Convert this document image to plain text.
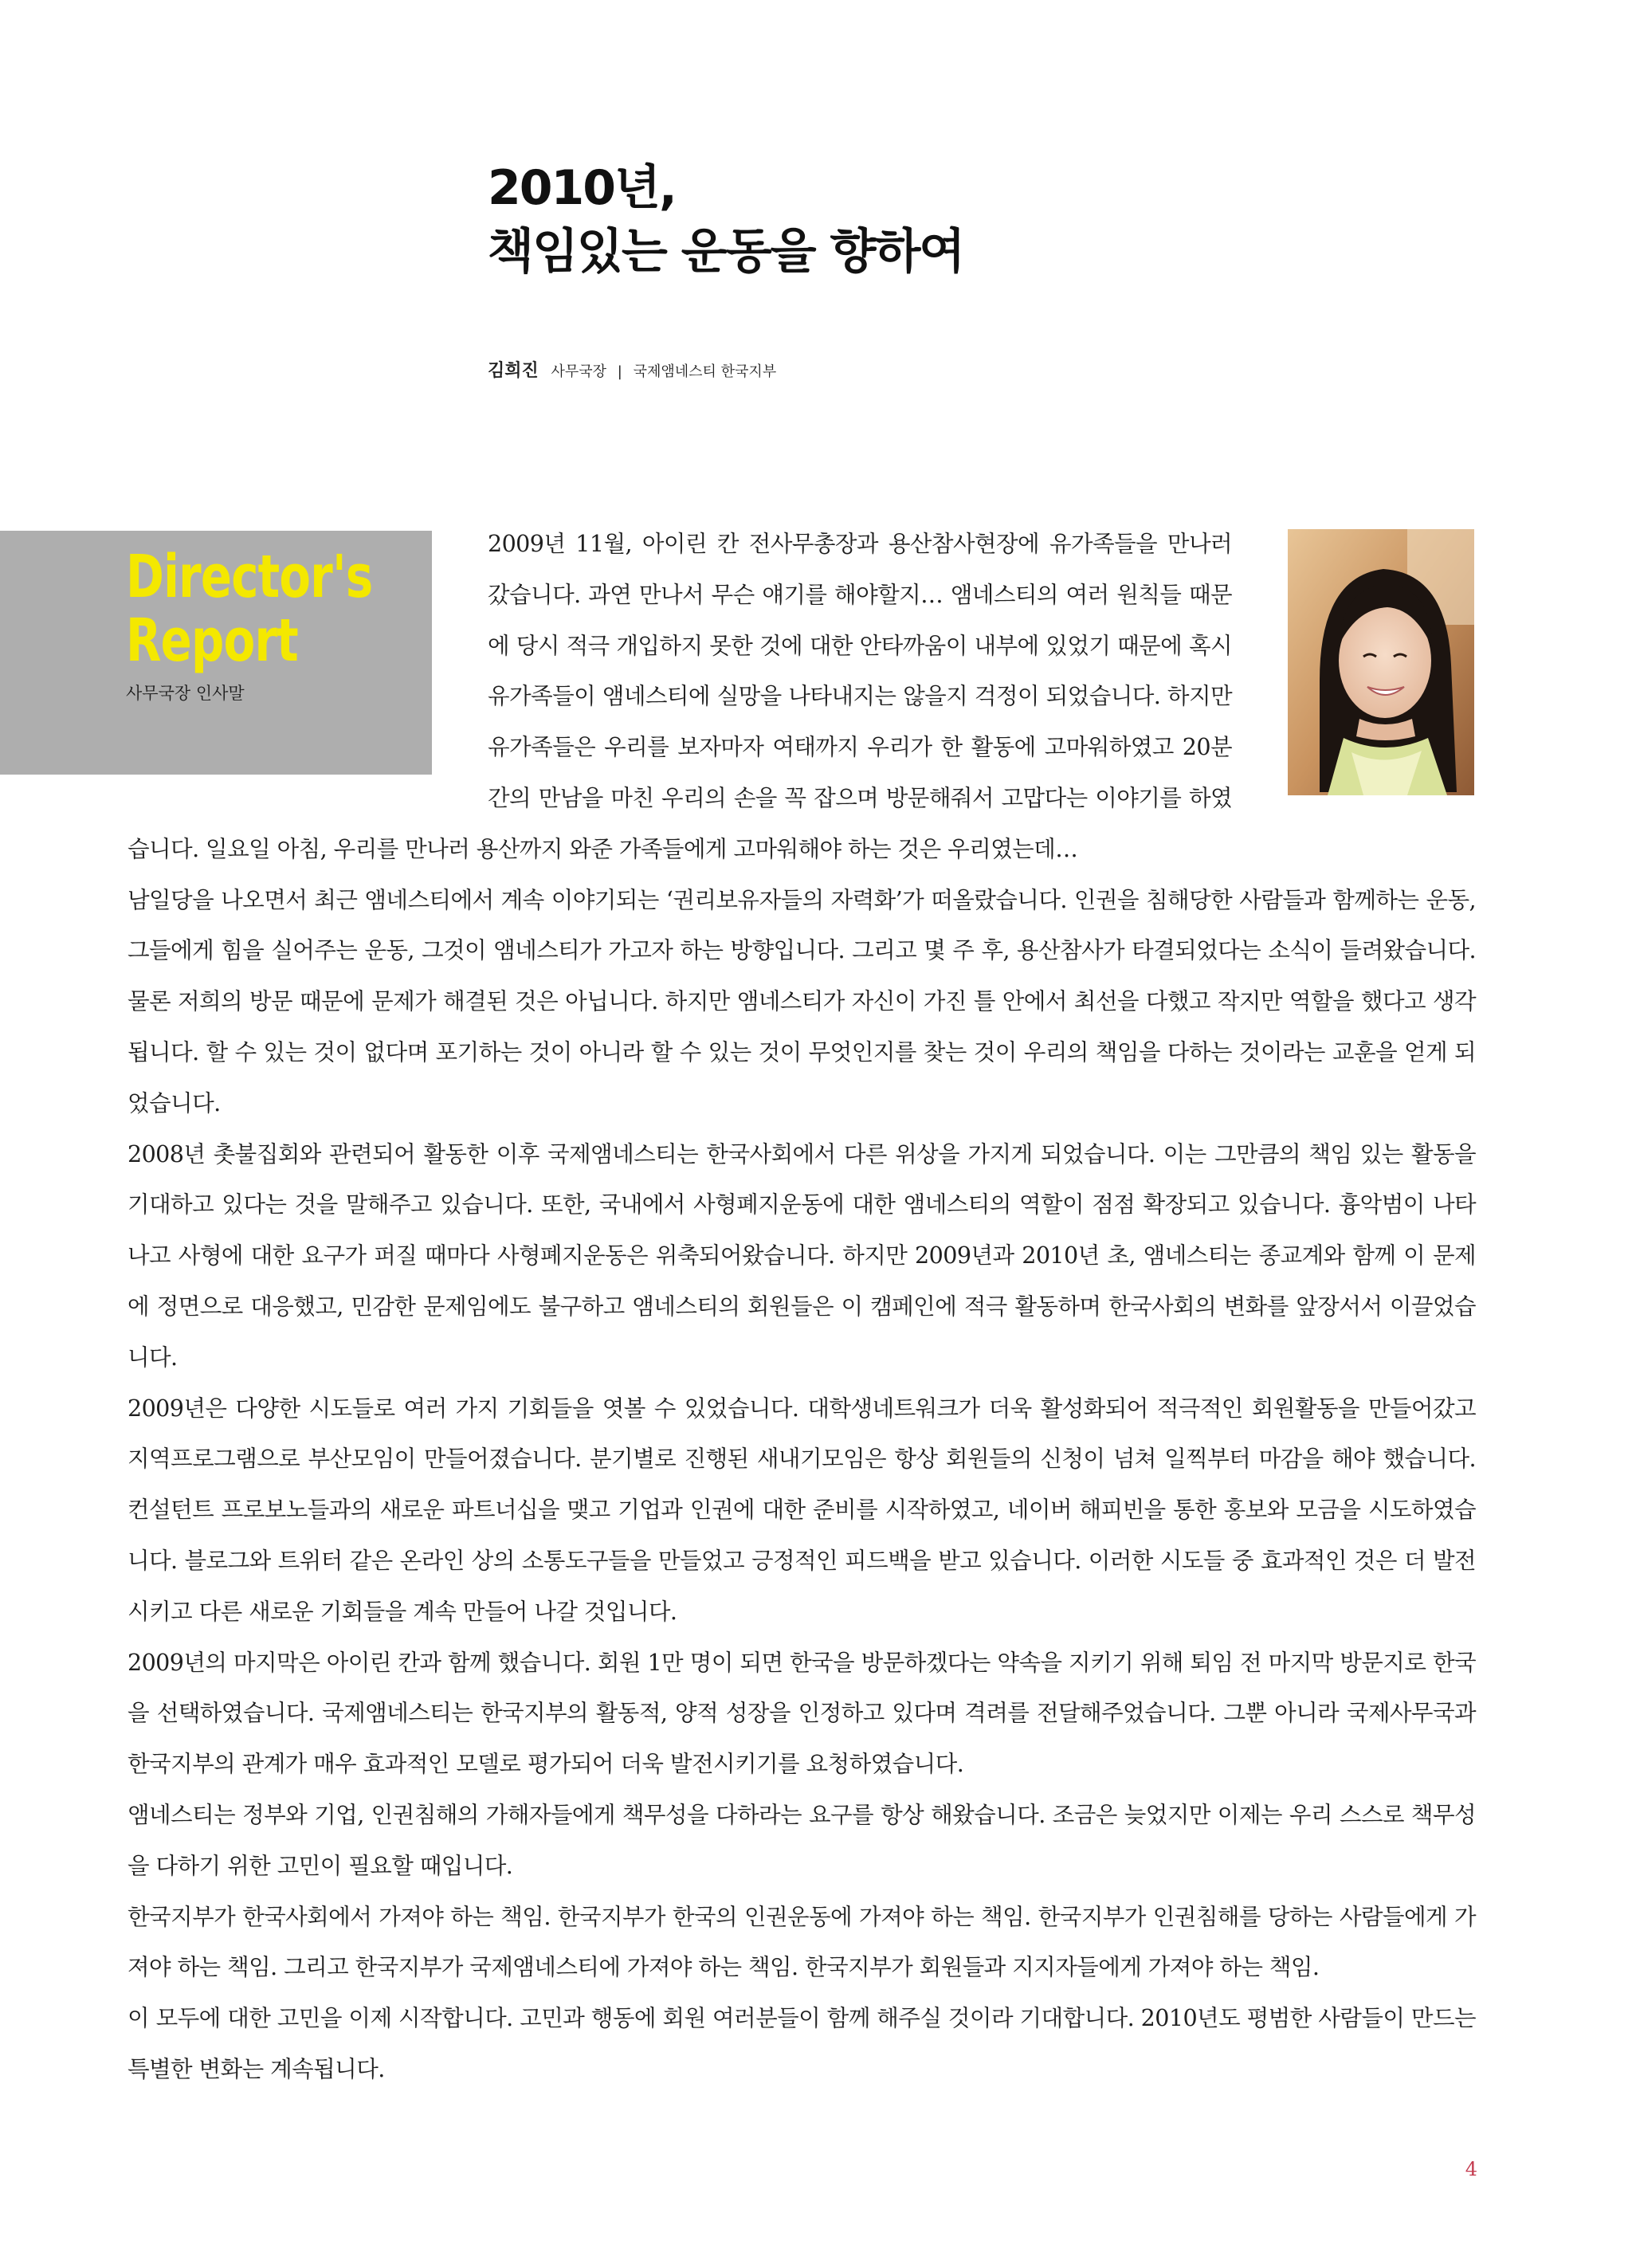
2010년,
책임있는 운동을 향하여
김희진 사무국장 | 국제앰네스티 한국지부
Director's
Report
사무국장 인사말

2009년 11월, 아이린 칸 전사무총장과 용산참사현장에 유가족들을 만나러 갔습니다. 과연 만나서 무슨 얘기를 해야할지… 앰네스티의 여러 원칙들 때문에 당시 적극 개입하지 못한 것에 대한 안타까움이 내부에 있었기 때문에 혹시 유가족들이 앰네스티에 실망을 나타내지는 않을지 걱정이 되었습니다. 하지만 유가족들은 우리를 보자마자 여태까지 우리가 한 활동에 고마워하였고 20분간의 만남을 마친 우리의 손을 꼭 잡으며 방문해줘서 고맙다는 이야기를 하였습니다. 일요일 아침, 우리를 만나러 용산까지 와준 가족들에게 고마워해야 하는 것은 우리였는데…

남일당을 나오면서 최근 앰네스티에서 계속 이야기되는 ‘권리보유자들의 자력화’가 떠올랐습니다. 인권을 침해당한 사람들과 함께하는 운동, 그들에게 힘을 실어주는 운동, 그것이 앰네스티가 가고자 하는 방향입니다. 그리고 몇 주 후, 용산참사가 타결되었다는 소식이 들려왔습니다. 물론 저희의 방문 때문에 문제가 해결된 것은 아닙니다. 하지만 앰네스티가 자신이 가진 틀 안에서 최선을 다했고 작지만 역할을 했다고 생각됩니다. 할 수 있는 것이 없다며 포기하는 것이 아니라 할 수 있는 것이 무엇인지를 찾는 것이 우리의 책임을 다하는 것이라는 교훈을 얻게 되었습니다.

2008년 촛불집회와 관련되어 활동한 이후 국제앰네스티는 한국사회에서 다른 위상을 가지게 되었습니다. 이는 그만큼의 책임 있는 활동을 기대하고 있다는 것을 말해주고 있습니다. 또한, 국내에서 사형폐지운동에 대한 앰네스티의 역할이 점점 확장되고 있습니다. 흉악범이 나타나고 사형에 대한 요구가 퍼질 때마다 사형폐지운동은 위축되어왔습니다. 하지만 2009년과 2010년 초, 앰네스티는 종교계와 함께 이 문제에 정면으로 대응했고, 민감한 문제임에도 불구하고 앰네스티의 회원들은 이 캠페인에 적극 활동하며 한국사회의 변화를 앞장서서 이끌었습니다.

2009년은 다양한 시도들로 여러 가지 기회들을 엿볼 수 있었습니다. 대학생네트워크가 더욱 활성화되어 적극적인 회원활동을 만들어갔고 지역프로그램으로 부산모임이 만들어졌습니다. 분기별로 진행된 새내기모임은 항상 회원들의 신청이 넘쳐 일찍부터 마감을 해야 했습니다. 컨설턴트 프로보노들과의 새로운 파트너십을 맺고 기업과 인권에 대한 준비를 시작하였고, 네이버 해피빈을 통한 홍보와 모금을 시도하였습니다. 블로그와 트위터 같은 온라인 상의 소통도구들을 만들었고 긍정적인 피드백을 받고 있습니다. 이러한 시도들 중 효과적인 것은 더 발전시키고 다른 새로운 기회들을 계속 만들어 나갈 것입니다.

2009년의 마지막은 아이린 칸과 함께 했습니다. 회원 1만 명이 되면 한국을 방문하겠다는 약속을 지키기 위해 퇴임 전 마지막 방문지로 한국을 선택하였습니다. 국제앰네스티는 한국지부의 활동적, 양적 성장을 인정하고 있다며 격려를 전달해주었습니다. 그뿐 아니라 국제사무국과 한국지부의 관계가 매우 효과적인 모델로 평가되어 더욱 발전시키기를 요청하였습니다.

앰네스티는 정부와 기업, 인권침해의 가해자들에게 책무성을 다하라는 요구를 항상 해왔습니다. 조금은 늦었지만 이제는 우리 스스로 책무성을 다하기 위한 고민이 필요할 때입니다.

한국지부가 한국사회에서 가져야 하는 책임. 한국지부가 한국의 인권운동에 가져야 하는 책임. 한국지부가 인권침해를 당하는 사람들에게 가져야 하는 책임. 그리고 한국지부가 국제앰네스티에 가져야 하는 책임. 한국지부가 회원들과 지지자들에게 가져야 하는 책임.

이 모두에 대한 고민을 이제 시작합니다. 고민과 행동에 회원 여러분들이 함께 해주실 것이라 기대합니다. 2010년도 평범한 사람들이 만드는 특별한 변화는 계속됩니다.

4
